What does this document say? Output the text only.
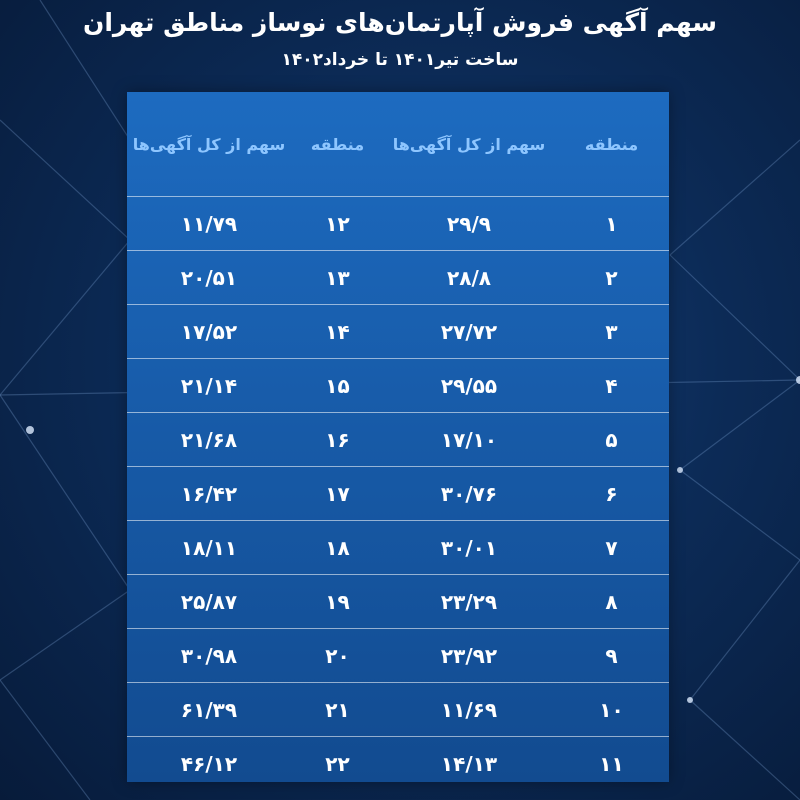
سهم آگهی فروش آپارتمان‌های نوساز مناطق تهران
ساخت تیر۱۴۰۱ تا خرداد۱۴۰۲
منطقه	سهم از کل آگهی‌ها	منطقه	سهم از کل آگهی‌ها
۱	۲۹/۹	۱۲	۱۱/۷۹
۲	۲۸/۸	۱۳	۲۰/۵۱
۳	۲۷/۷۲	۱۴	۱۷/۵۲
۴	۲۹/۵۵	۱۵	۲۱/۱۴
۵	۱۷/۱۰	۱۶	۲۱/۶۸
۶	۳۰/۷۶	۱۷	۱۶/۴۲
۷	۳۰/۰۱	۱۸	۱۸/۱۱
۸	۲۳/۲۹	۱۹	۲۵/۸۷
۹	۲۳/۹۲	۲۰	۳۰/۹۸
۱۰	۱۱/۶۹	۲۱	۶۱/۳۹
۱۱	۱۴/۱۳	۲۲	۴۶/۱۲
